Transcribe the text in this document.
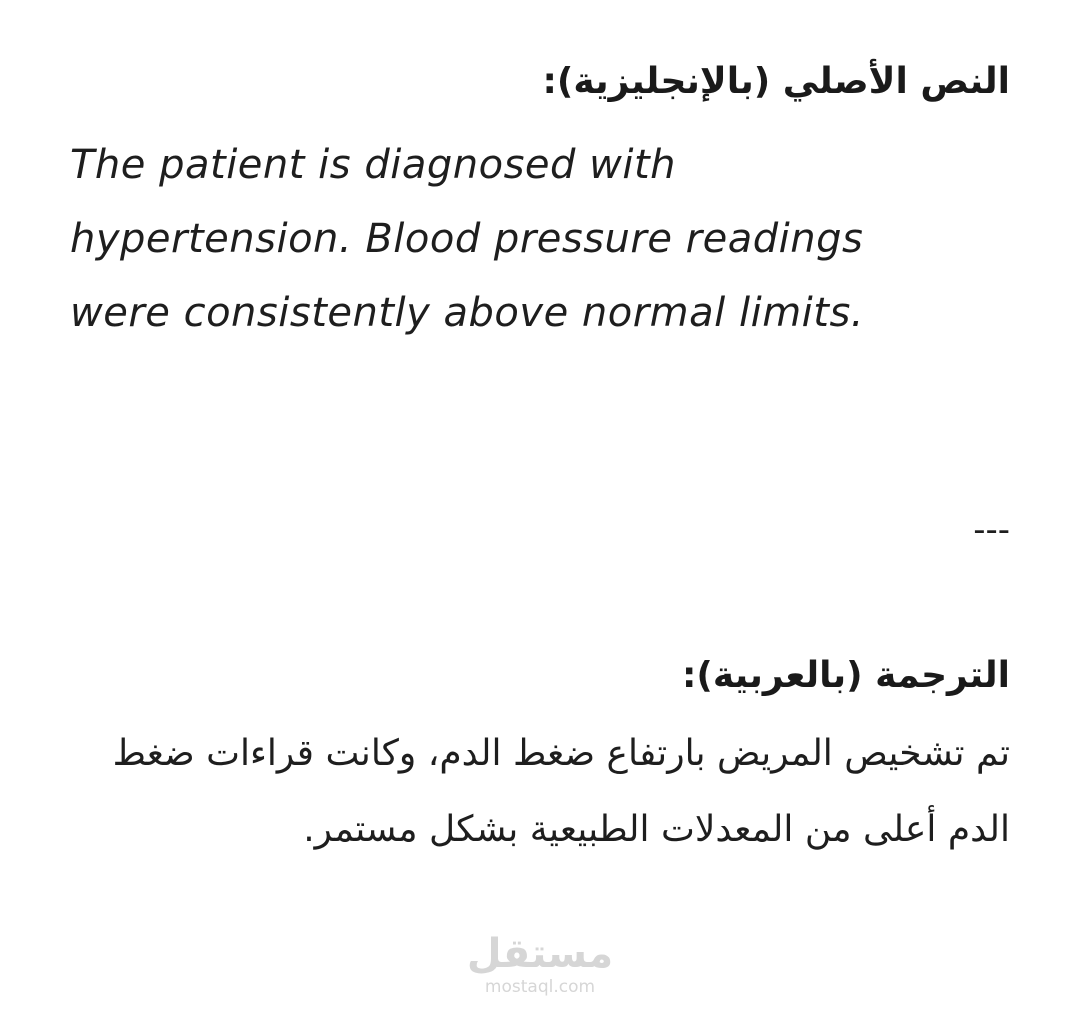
النص الأصلي (بالإنجليزية):

The patient is diagnosed with hypertension. Blood pressure readings were consistently above normal limits.

---
الترجمة (بالعربية):

تم تشخيص المريض بارتفاع ضغط الدم، وكانت قراءات ضغط الدم أعلى من المعدلات الطبيعية بشكل مستمر.

مستقل
mostaql.com
